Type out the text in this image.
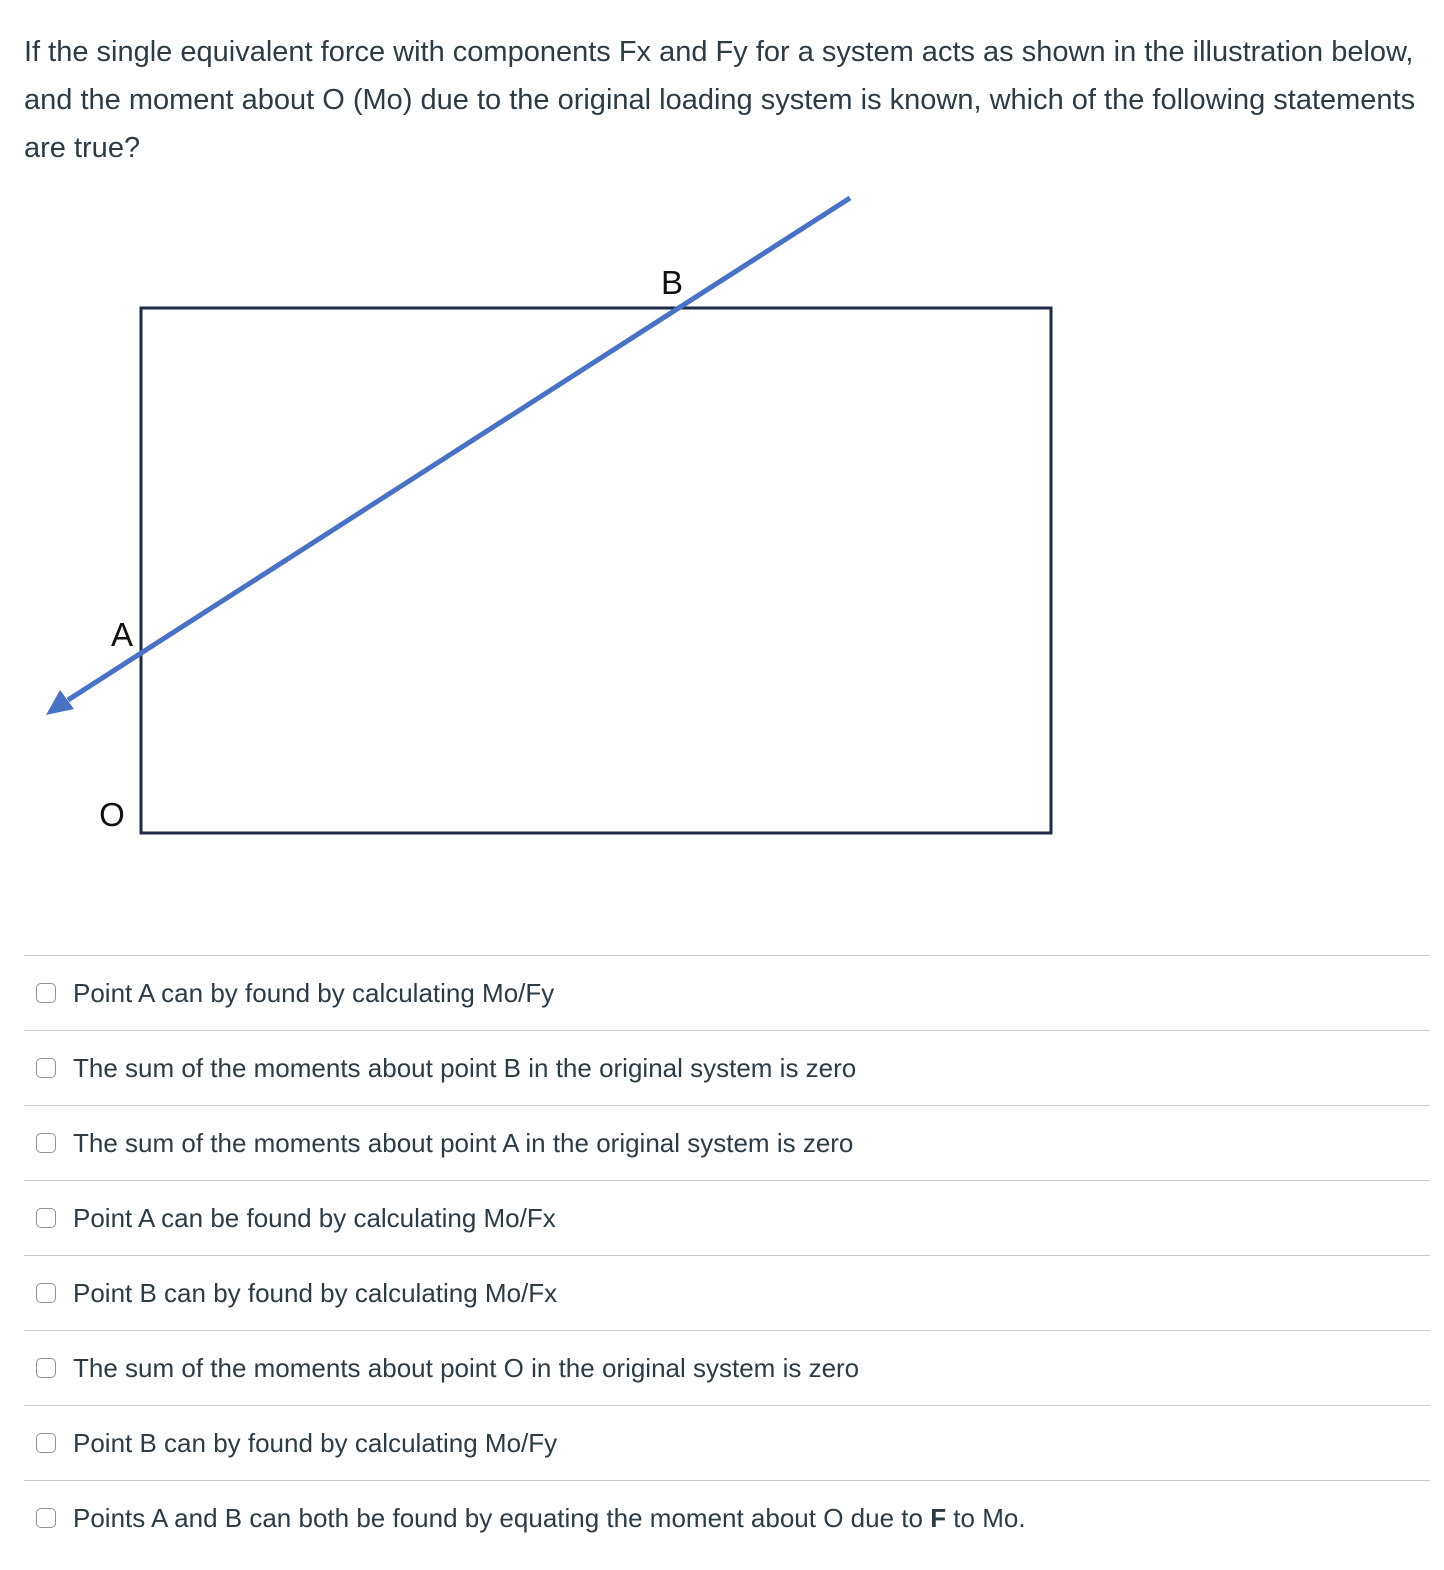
If the single equivalent force with components Fx and Fy for a system acts as shown in the illustration below, and the moment about O (Mo) due to the original loading system is known, which of the following statements are true?
B
A
O
Point A can by found by calculating Mo/Fy
The sum of the moments about point B in the original system is zero
The sum of the moments about point A in the original system is zero
Point A can be found by calculating Mo/Fx
Point B can by found by calculating Mo/Fx
The sum of the moments about point O in the original system is zero
Point B can by found by calculating Mo/Fy
Points A and B can both be found by equating the moment about O due to F to Mo.
